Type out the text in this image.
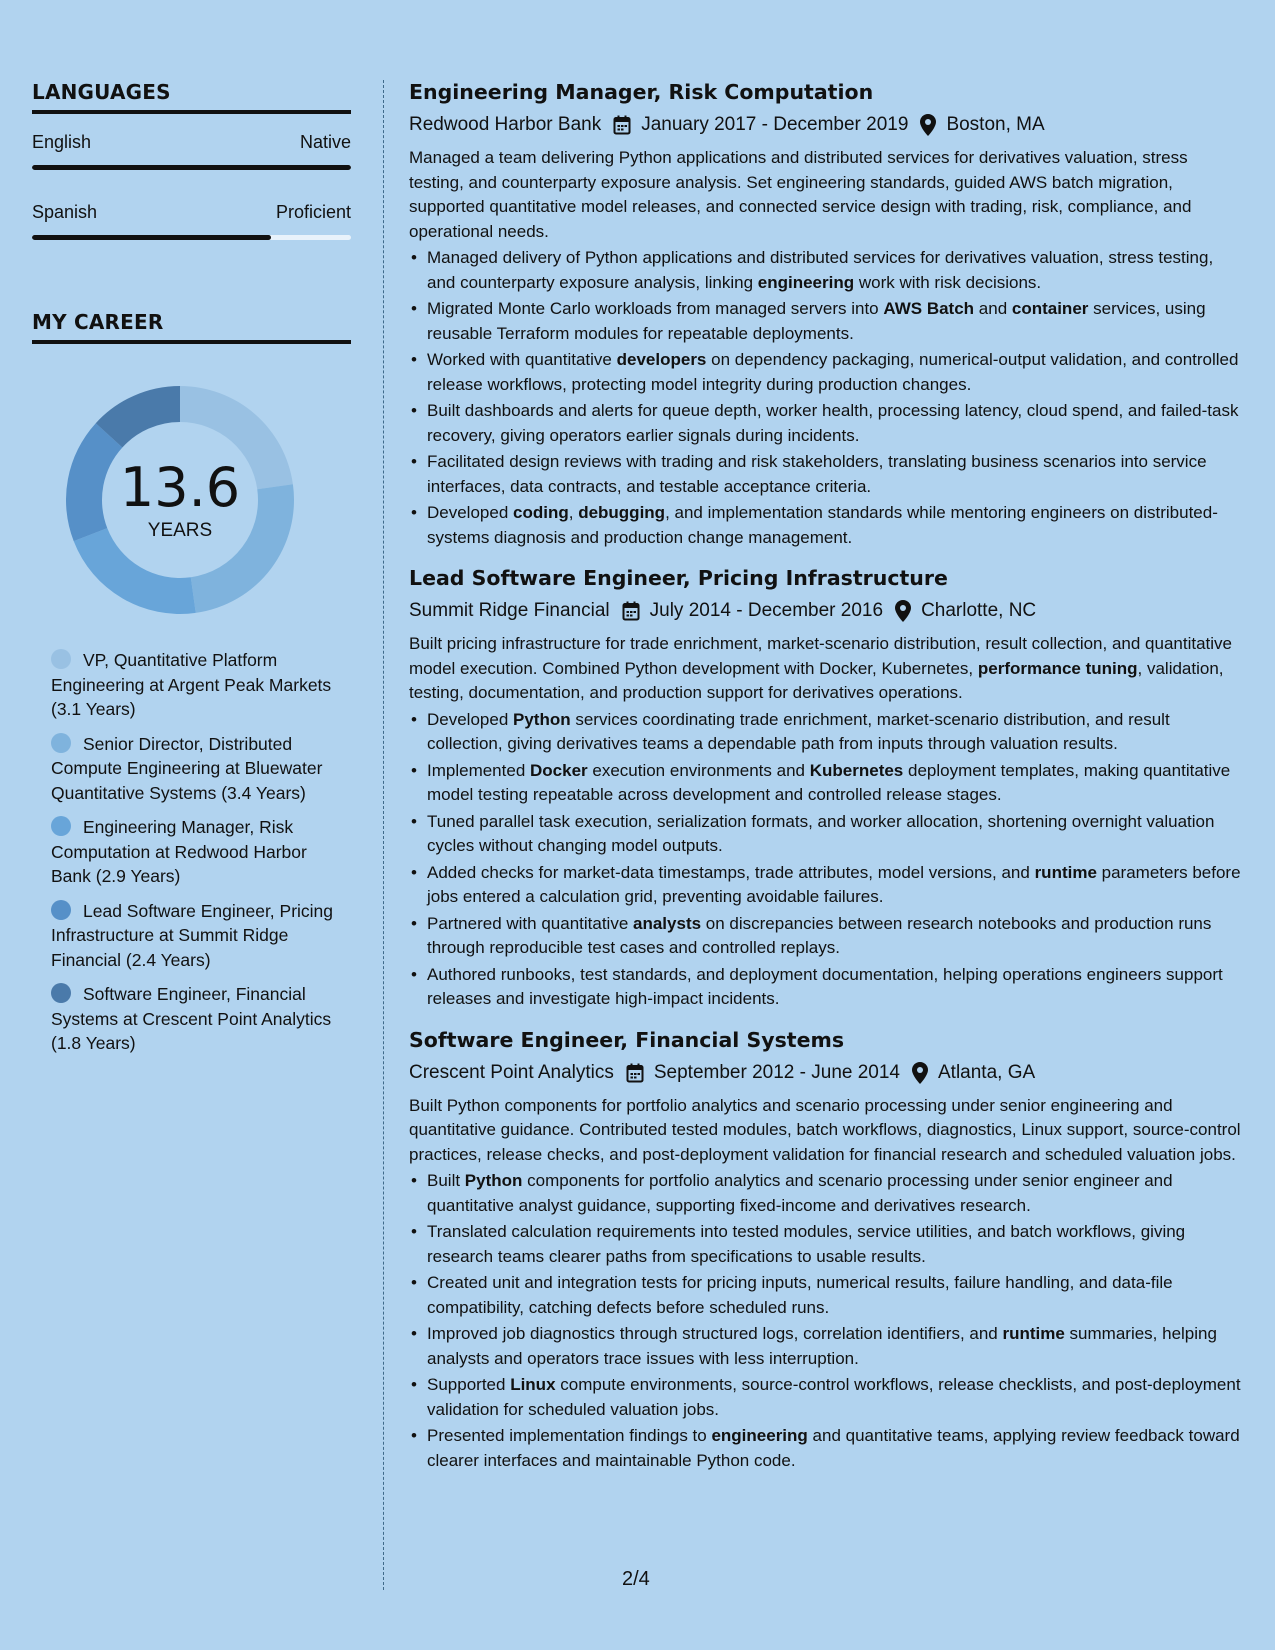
LANGUAGES
English	Native
Spanish	Proficient
MY CAREER
13.6
YEARS
VP, Quantitative Platform Engineering at Argent Peak Markets (3.1 Years)
Senior Director, Distributed Compute Engineering at Bluewater Quantitative Systems (3.4 Years)
Engineering Manager, Risk Computation at Redwood Harbor Bank (2.9 Years)
Lead Software Engineer, Pricing Infrastructure at Summit Ridge Financial (2.4 Years)
Software Engineer, Financial Systems at Crescent Point Analytics (1.8 Years)
Engineering Manager, Risk Computation
Redwood Harbor Bank January 2017 - December 2019 Boston, MA
Managed a team delivering Python applications and distributed services for derivatives valuation, stress testing, and counterparty exposure analysis. Set engineering standards, guided AWS batch migration, supported quantitative model releases, and connected service design with trading, risk, compliance, and operational needs.
• Managed delivery of Python applications and distributed services for derivatives valuation, stress testing, and counterparty exposure analysis, linking engineering work with risk decisions.
• Migrated Monte Carlo workloads from managed servers into AWS Batch and container services, using reusable Terraform modules for repeatable deployments.
• Worked with quantitative developers on dependency packaging, numerical-output validation, and controlled release workflows, protecting model integrity during production changes.
• Built dashboards and alerts for queue depth, worker health, processing latency, cloud spend, and failed-task recovery, giving operators earlier signals during incidents.
• Facilitated design reviews with trading and risk stakeholders, translating business scenarios into service interfaces, data contracts, and testable acceptance criteria.
• Developed coding, debugging, and implementation standards while mentoring engineers on distributed-systems diagnosis and production change management.
Lead Software Engineer, Pricing Infrastructure
Summit Ridge Financial July 2014 - December 2016 Charlotte, NC
Built pricing infrastructure for trade enrichment, market-scenario distribution, result collection, and quantitative model execution. Combined Python development with Docker, Kubernetes, performance tuning, validation, testing, documentation, and production support for derivatives operations.
• Developed Python services coordinating trade enrichment, market-scenario distribution, and result collection, giving derivatives teams a dependable path from inputs through valuation results.
• Implemented Docker execution environments and Kubernetes deployment templates, making quantitative model testing repeatable across development and controlled release stages.
• Tuned parallel task execution, serialization formats, and worker allocation, shortening overnight valuation cycles without changing model outputs.
• Added checks for market-data timestamps, trade attributes, model versions, and runtime parameters before jobs entered a calculation grid, preventing avoidable failures.
• Partnered with quantitative analysts on discrepancies between research notebooks and production runs through reproducible test cases and controlled replays.
• Authored runbooks, test standards, and deployment documentation, helping operations engineers support releases and investigate high-impact incidents.
Software Engineer, Financial Systems
Crescent Point Analytics September 2012 - June 2014 Atlanta, GA
Built Python components for portfolio analytics and scenario processing under senior engineering and quantitative guidance. Contributed tested modules, batch workflows, diagnostics, Linux support, source-control practices, release checks, and post-deployment validation for financial research and scheduled valuation jobs.
• Built Python components for portfolio analytics and scenario processing under senior engineer and quantitative analyst guidance, supporting fixed-income and derivatives research.
• Translated calculation requirements into tested modules, service utilities, and batch workflows, giving research teams clearer paths from specifications to usable results.
• Created unit and integration tests for pricing inputs, numerical results, failure handling, and data-file compatibility, catching defects before scheduled runs.
• Improved job diagnostics through structured logs, correlation identifiers, and runtime summaries, helping analysts and operators trace issues with less interruption.
• Supported Linux compute environments, source-control workflows, release checklists, and post-deployment validation for scheduled valuation jobs.
• Presented implementation findings to engineering and quantitative teams, applying review feedback toward clearer interfaces and maintainable Python code.
2/4
